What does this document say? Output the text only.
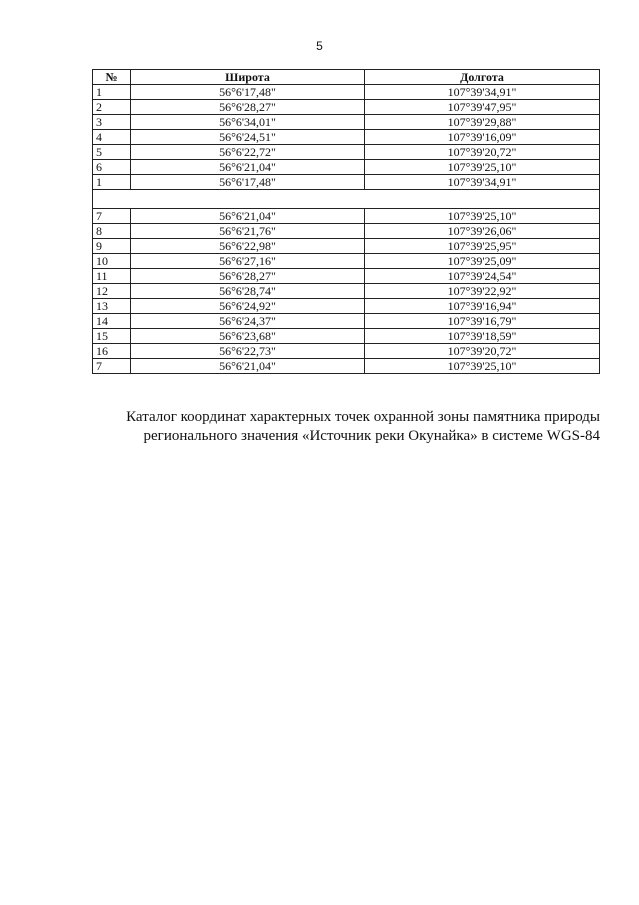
5
№	Широта	Долгота
1	56°6'17,48"	107°39'34,91"
2	56°6'28,27"	107°39'47,95"
3	56°6'34,01"	107°39'29,88"
4	56°6'24,51"	107°39'16,09"
5	56°6'22,72"	107°39'20,72"
6	56°6'21,04"	107°39'25,10"
1	56°6'17,48"	107°39'34,91"

7	56°6'21,04"	107°39'25,10"
8	56°6'21,76"	107°39'26,06"
9	56°6'22,98"	107°39'25,95"
10	56°6'27,16"	107°39'25,09"
11	56°6'28,27"	107°39'24,54"
12	56°6'28,74"	107°39'22,92"
13	56°6'24,92"	107°39'16,94"
14	56°6'24,37"	107°39'16,79"
15	56°6'23,68"	107°39'18,59"
16	56°6'22,73"	107°39'20,72"
7	56°6'21,04"	107°39'25,10"
Каталог координат характерных точек охранной зоны памятника природы
регионального значения «Источник реки Окунайка» в системе WGS-84
